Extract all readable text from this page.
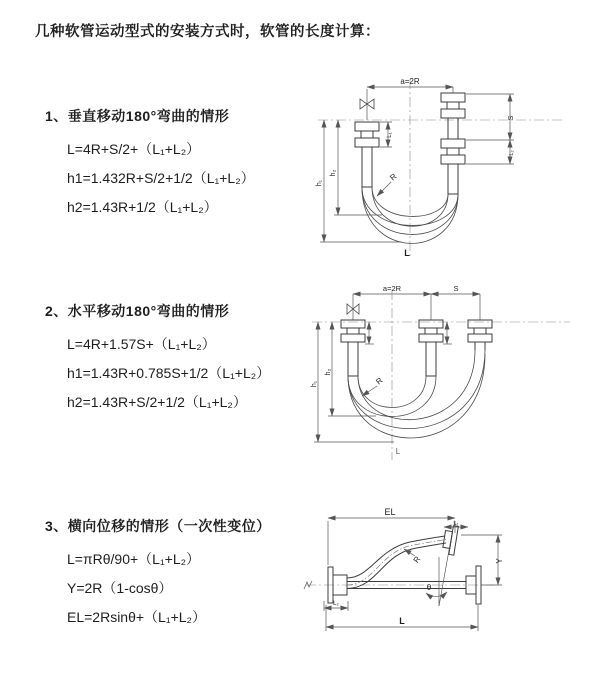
几种软管运动型式的安装方式时，软管的长度计算：

1、垂直移动180°弯曲的情形

L=4R+S/2+（L₁+L₂）

h1=1.432R+S/2+1/2（L₁+L₂）

h2=1.43R+1/2（L₁+L₂）

a=2R
h₁
h₂
L₁
S
L₂
R
L

2、水平移动180°弯曲的情形

L=4R+1.57S+（L₁+L₂）

h1=1.43R+0.785S+1/2（L₁+L₂）

h2=1.43R+S/2+1/2（L₁+L₂）

a=2R	S
h₁
h₂
R
L

3、横向位移的情形（一次性变位）

L=πRθ/90+（L₁+L₂）

Y=2R（1-cosθ）

EL=2Rsinθ+（L₁+L₂）

EL
L₁
θ
R	Y
L₂
L
